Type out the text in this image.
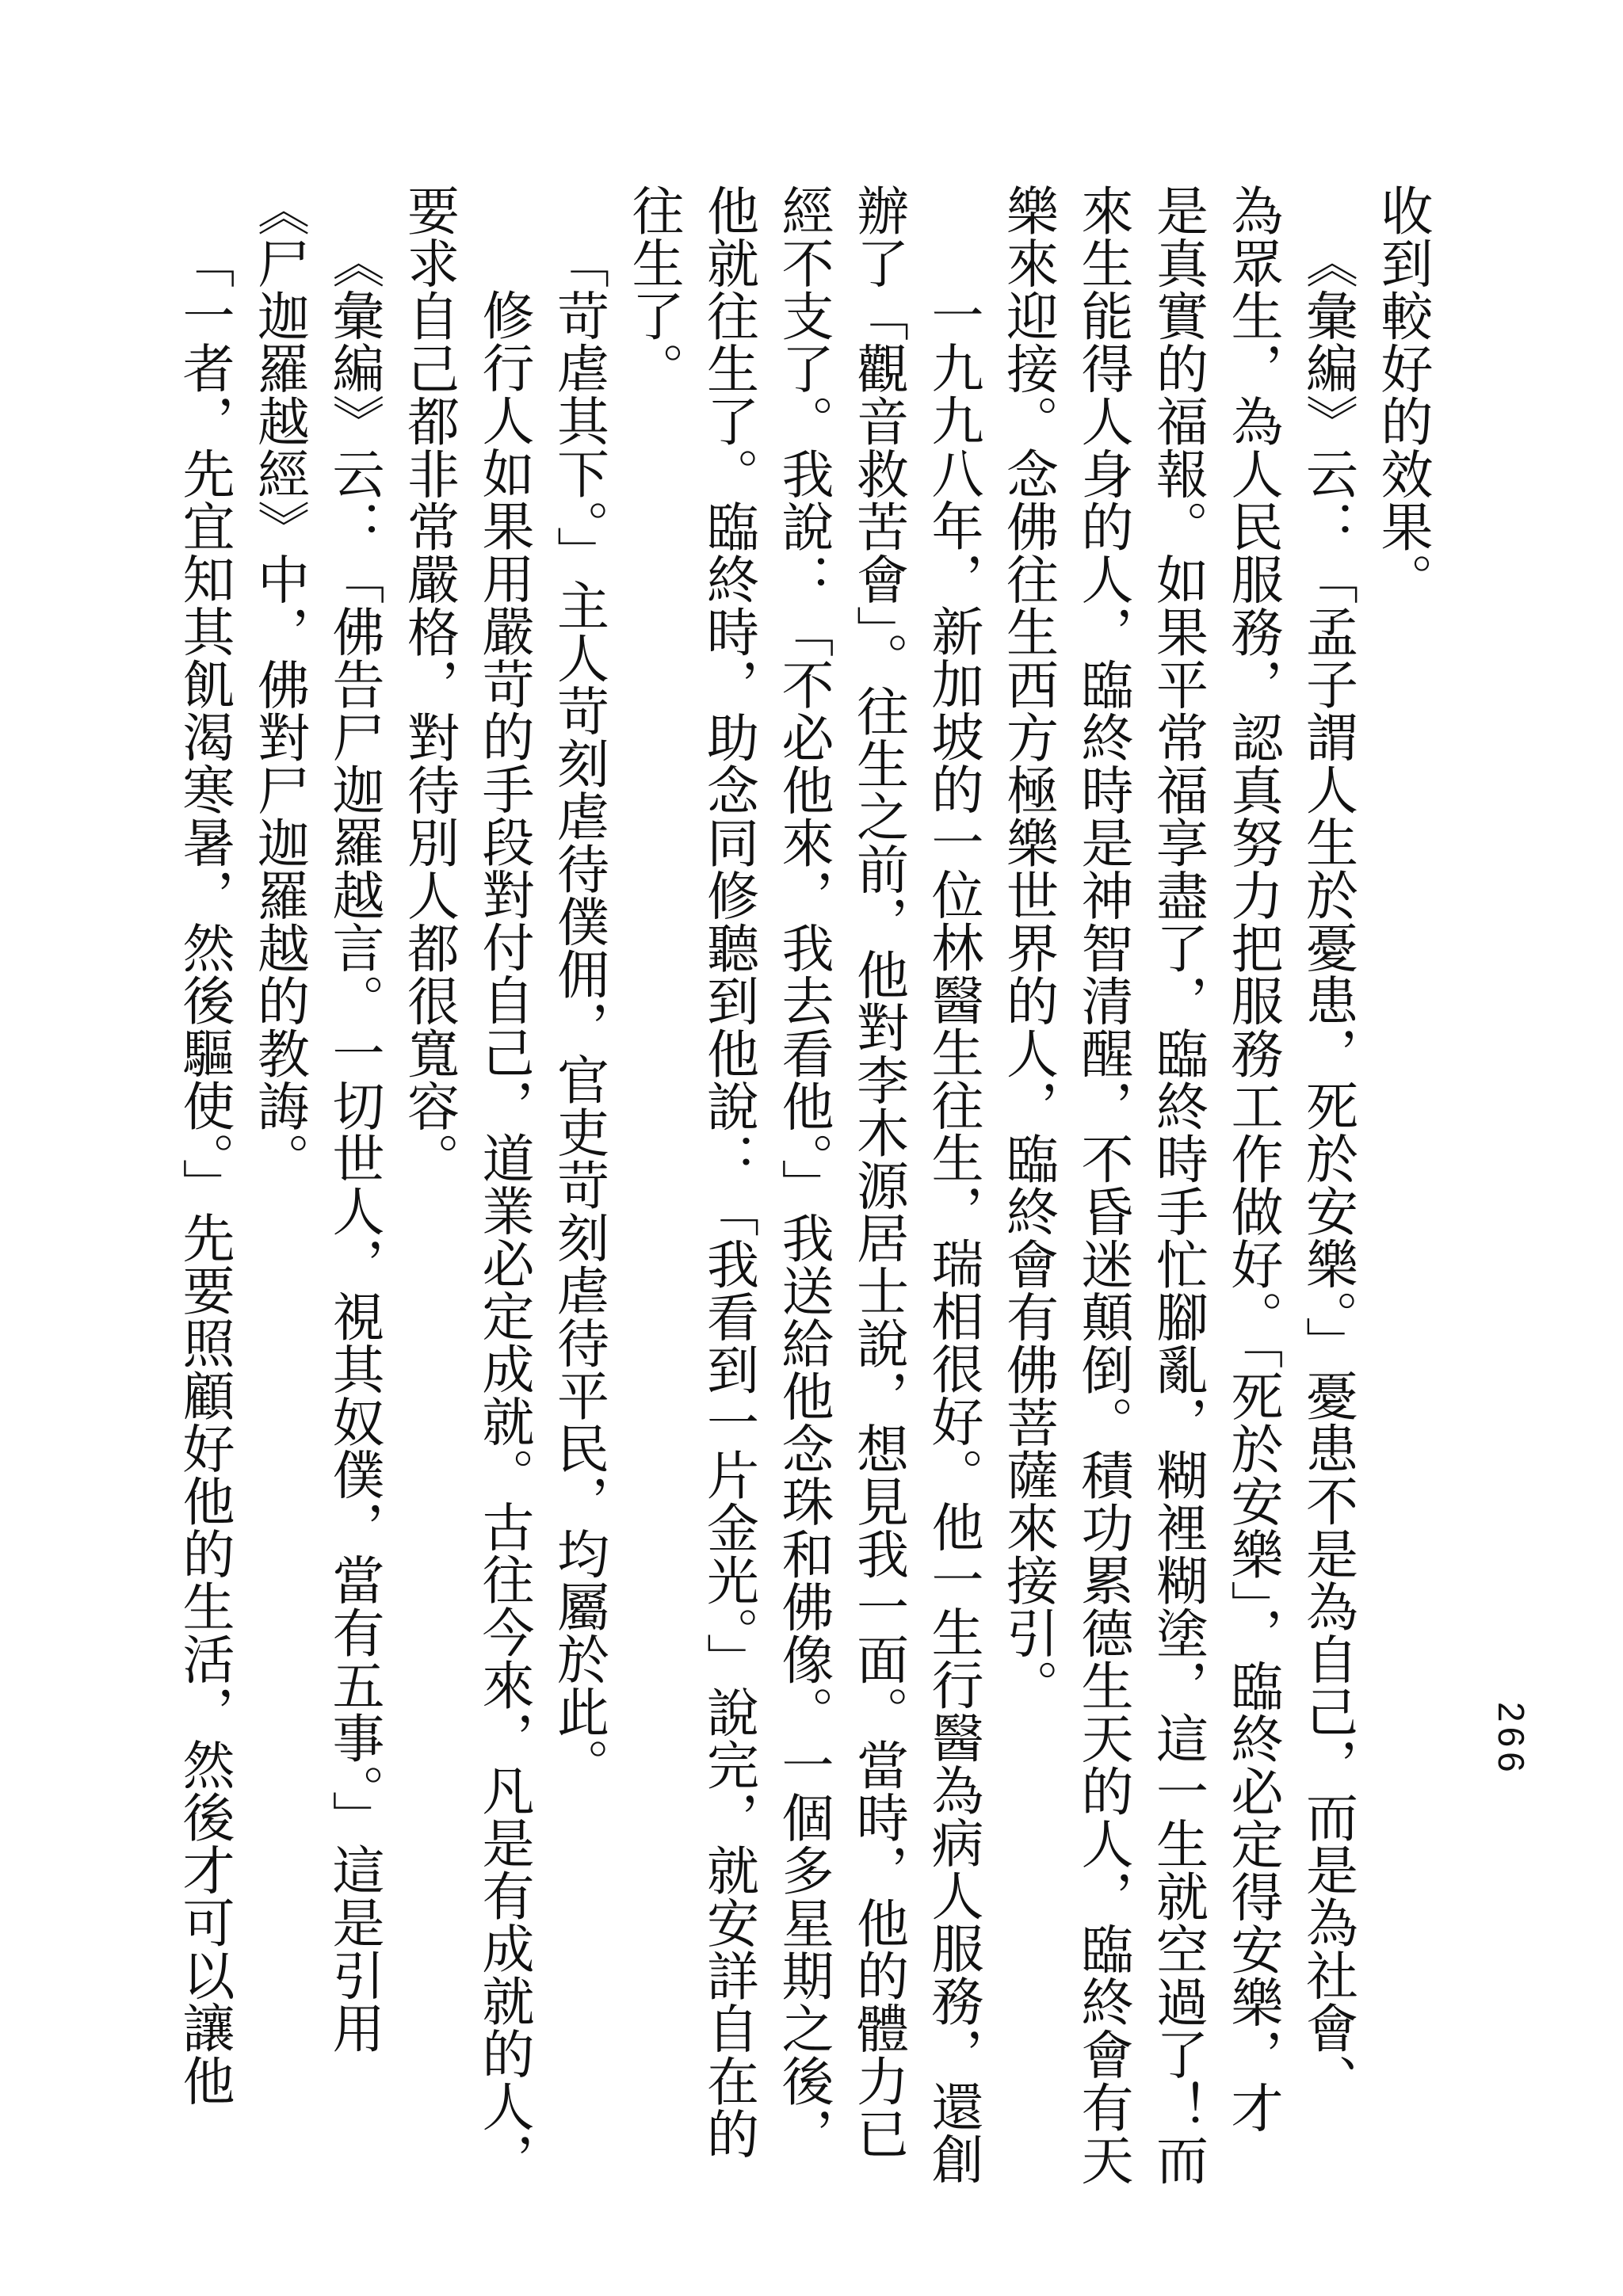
266
收到較好的效果。
《彙編》云：「孟子謂人生於憂患，死於安樂。」憂患不是為自己，而是為社會、
為眾生，為人民服務，認真努力把服務工作做好。「死於安樂」，臨終必定得安樂，才
是真實的福報。如果平常福享盡了，臨終時手忙腳亂，糊裡糊塗，這一生就空過了！而
來生能得人身的人，臨終時是神智清醒，不昏迷顛倒。積功累德生天的人，臨終會有天
樂來迎接。念佛往生西方極樂世界的人，臨終會有佛菩薩來接引。
一九九八年，新加坡的一位林醫生往生，瑞相很好。他一生行醫為病人服務，還創
辦了「觀音救苦會」。往生之前，他對李木源居士說，想見我一面。當時，他的體力已
經不支了。我說：「不必他來，我去看他。」我送給他念珠和佛像。一個多星期之後，
他就往生了。臨終時，助念同修聽到他說：「我看到一片金光。」說完，就安詳自在的
往生了。
「苛虐其下。」主人苛刻虐待僕佣，官吏苛刻虐待平民，均屬於此。
修行人如果用嚴苛的手段對付自己，道業必定成就。古往今來，凡是有成就的人，
要求自己都非常嚴格，對待別人都很寬容。
《彙編》云：「佛告尸迦羅越言。一切世人，視其奴僕，當有五事。」這是引用
《尸迦羅越經》中，佛對尸迦羅越的教誨。
「一者，先宜知其飢渴寒暑，然後驅使。」先要照顧好他的生活，然後才可以讓他
